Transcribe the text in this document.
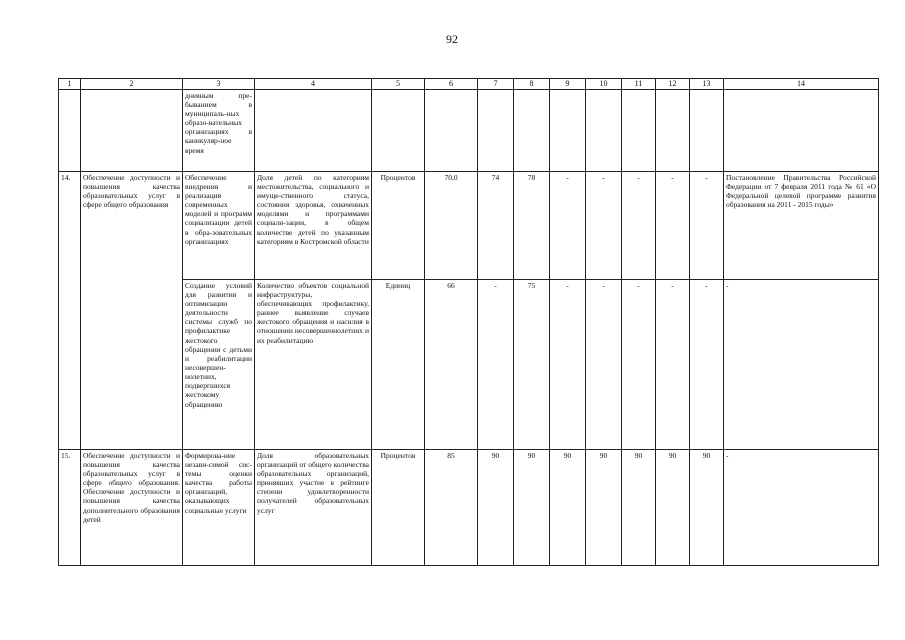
92
1	2	3	4	5	6	7	8	9	10	11	12	13	14
		дневным пре-быванием в муниципаль-ных образо-вательных организациях в каникуляр-ное время											
14.	Обеспечение доступности и повышения качества образовательных услуг в сфере общего образования	Обеспечение внедрения и реализация современных моделей и программ социализации детей в обра-зовательных организациях	Доля детей по категориям местожительства, социального и имуще-ственного статуса, состояния здоровья, охваченных моделями и программами социали-зации, в общем количестве детей по указанным категориям в Костромской области	Процентов	70,0	74	78	-	-	-	-	-	Постановление Правительства Российской Федерации от 7 февраля 2011 года № 61 «О Федеральной целевой программе развития образования на 2011 - 2015 годы»
		Создание условий для развития и оптимизации деятельности системы служб по профилактике жестокого обращения с детьми и реабилитации несовершен-нолетних, подвергшихся жестокому обращению	Количество объектов социальной инфраструктуры, обеспечивающих профилактику, раннее выявление случаев жестокого обращения и насилия в отношении несовершеннолетних и их реабилитацию	Единиц	66	-	75	-	-	-	-	-	-
15.	Обеспечение доступности и повышения качества образовательных услуг в сфере общего образования. Обеспечение доступности и повышения качества дополнительного образования детей	Формирова-ние незави-симой сис-темы оценки качества работы организаций, оказывающих социальные услуги	Доля образовательных организаций от общего количества образовательных организаций, принявших участие в рейтинге степени удовлетворенности получателей образовательных услуг	Процентов	85	90	90	90	90	90	90	90	-
